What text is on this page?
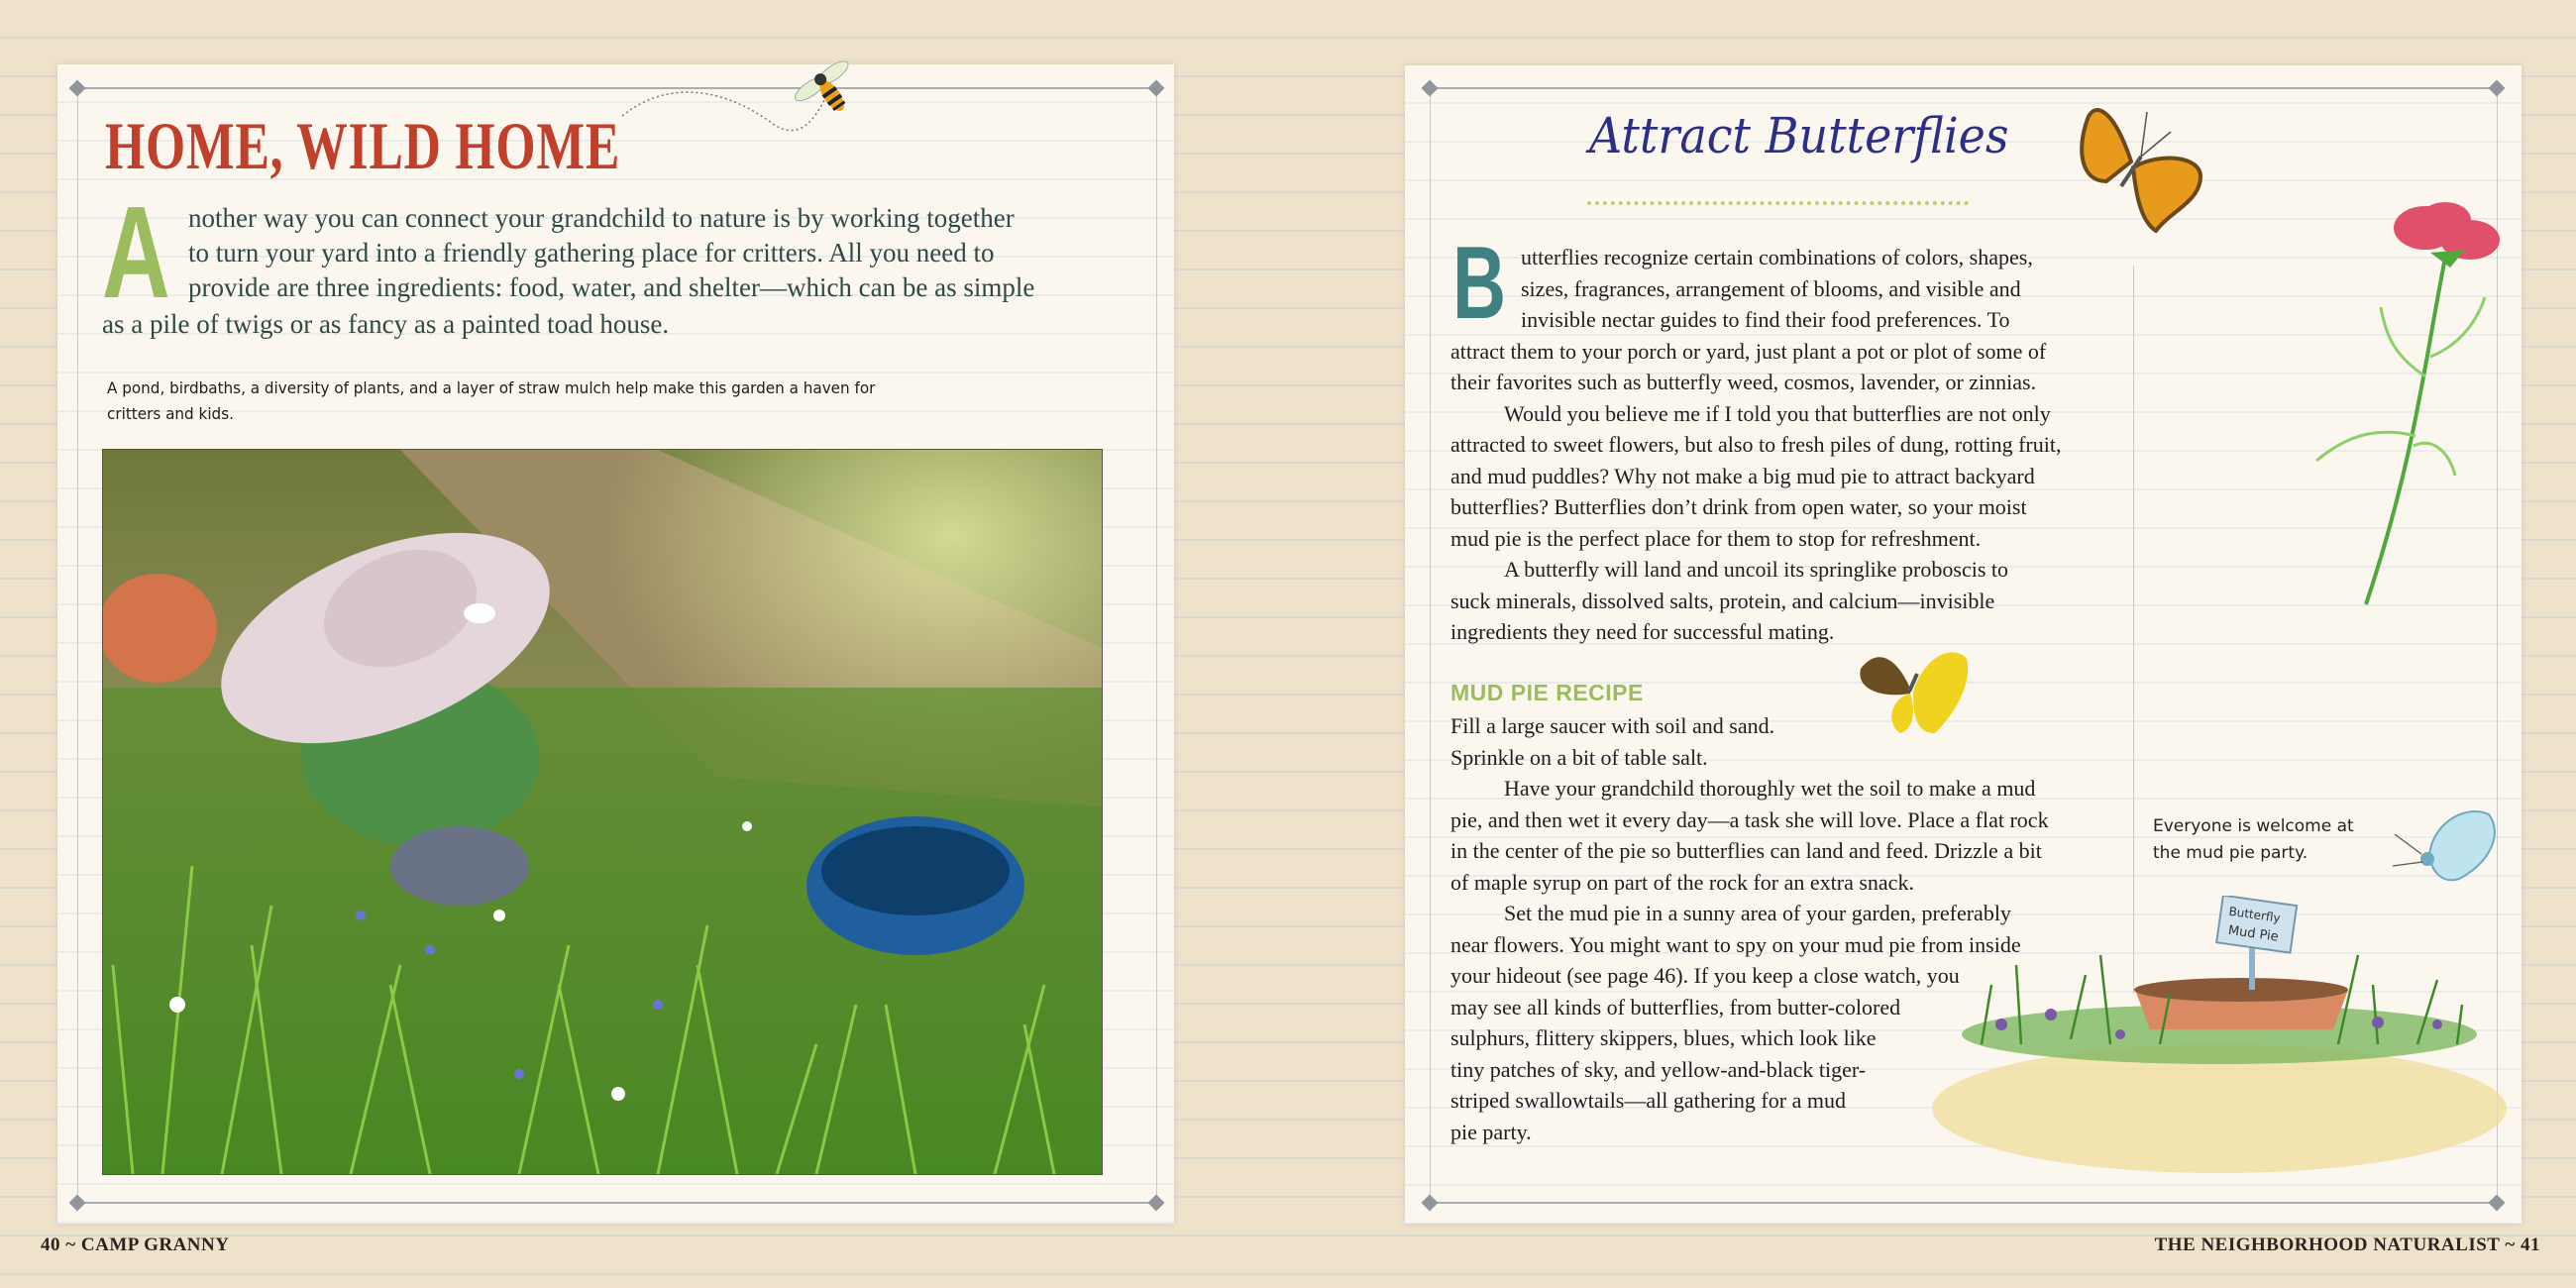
HOME, WILD HOME
A nother way you can connect your grandchild to nature is by working together
to turn your yard into a friendly gathering place for critters. All you need to
provide are three ingredients: food, water, and shelter—which can be as simple
as a pile of twigs or as fancy as a painted toad house.
A pond, birdbaths, a diversity of plants, and a layer of straw mulch help make this garden a haven for
critters and kids.
40 ~ CAMP GRANNY
Attract Butterflies
B utterflies recognize certain combinations of colors, shapes,
sizes, fragrances, arrangement of blooms, and visible and
invisible nectar guides to find their food preferences. To
attract them to your porch or yard, just plant a pot or plot of some of
their favorites such as butterfly weed, cosmos, lavender, or zinnias.
Would you believe me if I told you that butterflies are not only
attracted to sweet flowers, but also to fresh piles of dung, rotting fruit,
and mud puddles? Why not make a big mud pie to attract backyard
butterflies? Butterflies don’t drink from open water, so your moist
mud pie is the perfect place for them to stop for refreshment.
A butterfly will land and uncoil its springlike proboscis to
suck minerals, dissolved salts, protein, and calcium—invisible
ingredients they need for successful mating.
MUD PIE RECIPE
Fill a large saucer with soil and sand.
Sprinkle on a bit of table salt.
Have your grandchild thoroughly wet the soil to make a mud
pie, and then wet it every day—a task she will love. Place a flat rock
in the center of the pie so butterflies can land and feed. Drizzle a bit
of maple syrup on part of the rock for an extra snack.
Set the mud pie in a sunny area of your garden, preferably
near flowers. You might want to spy on your mud pie from inside
your hideout (see page 46). If you keep a close watch, you
may see all kinds of butterflies, from butter-colored
sulphurs, flittery skippers, blues, which look like
tiny patches of sky, and yellow-and-black tiger-
striped swallowtails—all gathering for a mud
pie party.
Everyone is welcome at
the mud pie party.
Butterfly
Mud Pie
THE NEIGHBORHOOD NATURALIST ~ 41
